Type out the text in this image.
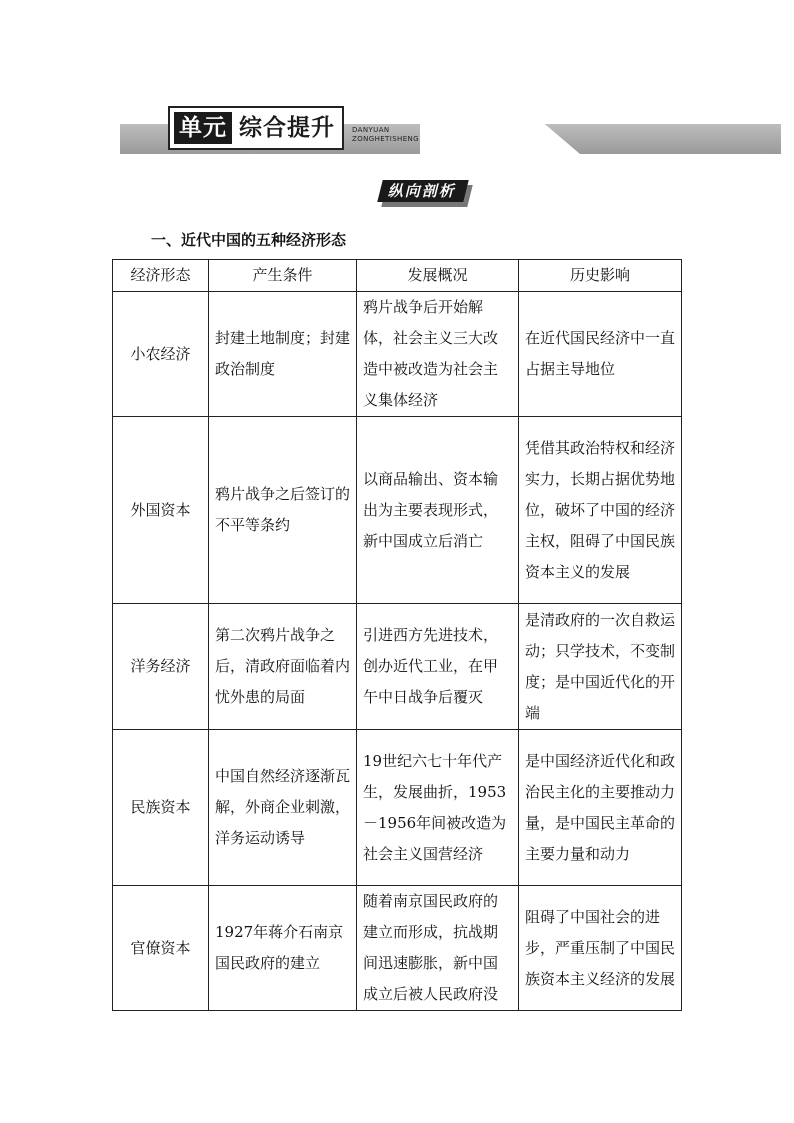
单元 综合提升	DANYUAN
ZONGHETISHENG
纵向剖析
一、近代中国的五种经济形态
经济形态	产生条件	发展概况	历史影响
小农经济	封建土地制度；封建政治制度	鸦片战争后开始解体，社会主义三大改造中被改造为社会主义集体经济	在近代国民经济中一直占据主导地位
外国资本	鸦片战争之后签订的不平等条约	以商品输出、资本输出为主要表现形式，新中国成立后消亡	凭借其政治特权和经济实力，长期占据优势地位，破坏了中国的经济主权，阻碍了中国民族资本主义的发展
洋务经济	第二次鸦片战争之后，清政府面临着内忧外患的局面	引进西方先进技术，创办近代工业，在甲午中日战争后覆灭	是清政府的一次自救运动；只学技术，不变制度；是中国近代化的开端
民族资本	中国自然经济逐渐瓦解，外商企业刺激，洋务运动诱导	19世纪六七十年代产生，发展曲折，1953－1956年间被改造为社会主义国营经济	是中国经济近代化和政治民主化的主要推动力量，是中国民主革命的主要力量和动力
官僚资本	1927年蒋介石南京国民政府的建立	随着南京国民政府的建立而形成，抗战期间迅速膨胀，新中国成立后被人民政府没	阻碍了中国社会的进步，严重压制了中国民族资本主义经济的发展
